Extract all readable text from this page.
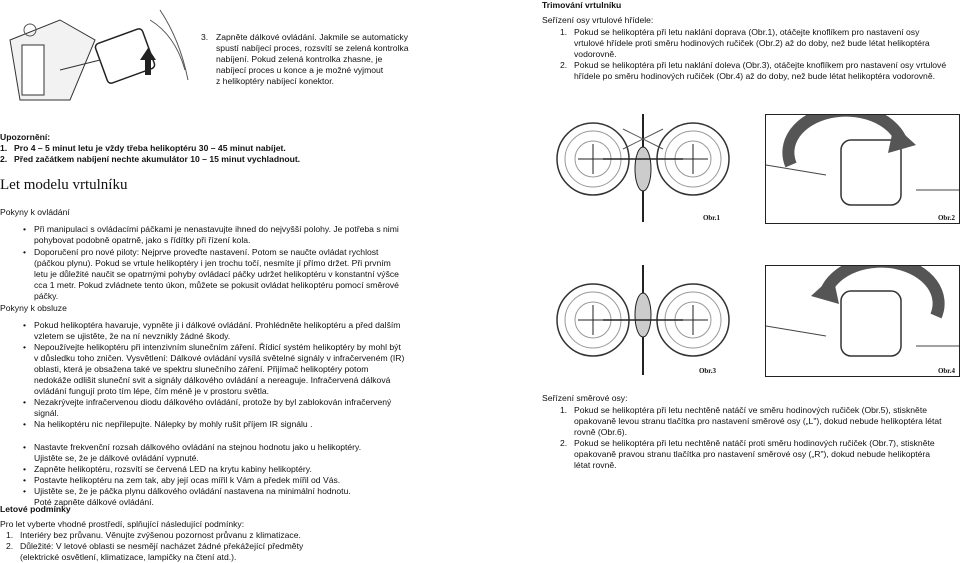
3. Zapněte dálkové ovládání. Jakmile se automaticky
spustí nabíjecí proces, rozsvítí se zelená kontrolka
nabíjení. Pokud zelená kontrolka zhasne, je
nabíjecí proces u konce a je možné vyjmout
z helikoptéry nabíjecí konektor.
Trimování vrtulníku
Seřízení osy vrtulové hřídele:
1. Pokud se helikoptéra při letu naklání doprava (Obr.1), otáčejte knoflíkem pro nastavení osy
vrtulové hřídele proti směru hodinových ručiček (Obr.2) až do doby, než bude létat helikoptéra
vodorovně.
2. Pokud se helikoptéra při letu naklání doleva (Obr.3), otáčejte knoflíkem pro nastavení osy vrtulové
hřídele po směru hodinových ručiček (Obr.4) až do doby, než bude létat helikoptéra vodorovně.
Upozornění:
1. Pro 4 – 5 minut letu je vždy třeba helikoptéru 30 – 45 minut nabíjet.
2. Před začátkem nabíjení nechte akumulátor 10 – 15 minut vychladnout.
Let modelu vrtulníku
Pokyny k ovládání
• Při manipulaci s ovládacími páčkami je nenastavujte ihned do nejvyšší polohy. Je potřeba s nimi
pohybovat podobně opatrně, jako s řídítky při řízení kola.
• Doporučení pro nové piloty: Nejprve proveďte nastavení. Potom se naučte ovládat rychlost
(páčkou plynu). Pokud se vrtule helikoptéry i jen trochu točí, nesmíte jí přímo držet. Při prvním
letu je důležité naučit se opatrnými pohyby ovládací páčky udržet helikoptéru v konstantní výšce
cca 1 metr. Pokud zvládnete tento úkon, můžete se pokusit ovládat helikoptéru pomocí směrové
páčky.
Pokyny k obsluze
• Pokud helikoptéra havaruje, vypněte ji i dálkové ovládání. Prohlédněte helikoptéru a před dalším
vzletem se ujistěte, že na ní nevznikly žádné škody.
• Nepoužívejte helikoptéru při intenzivním slunečním záření. Řídicí systém helikoptéry by mohl být
v důsledku toho zničen. Vysvětlení: Dálkové ovládání vysílá světelné signály v infračerveném (IR)
oblasti, která je obsažena také ve spektru slunečního záření. Přijímač helikoptéry potom
nedokáže odlišit sluneční svit a signály dálkového ovládání a nereaguje. Infračervená dálková
ovládání fungují proto tím lépe, čím méně je v prostoru světla.
• Nezakrývejte infračervenou diodu dálkového ovládání, protože by byl zablokován infračervený
signál.
• Na helikoptéru nic nepřilepujte. Nálepky by mohly rušit příjem IR signálu .
• Nastavte frekvenční rozsah dálkového ovládání na stejnou hodnotu jako u helikoptéry.
Ujistěte se, že je dálkové ovládání vypnuté.
• Zapněte helikoptéru, rozsvítí se červená LED na krytu kabiny helikoptéry.
• Postavte helikoptéru na zem tak, aby její ocas mířil k Vám a předek mířil od Vás.
• Ujistěte se, že je páčka plynu dálkového ovládání nastavena na minimální hodnotu.
Poté zapněte dálkové ovládání.
Letové podmínky
Pro let vyberte vhodné prostředí, splňující následující podmínky:
1. Interiéry bez průvanu. Věnujte zvýšenou pozornost průvanu z klimatizace.
2. Důležité: V letové oblasti se nesmějí nacházet žádné překážející předměty
(elektrické osvětlení, klimatizace, lampičky na čtení atd.).
Obr.1	Obr.2
Obr.3	Obr.4
Seřízení směrové osy:
1. Pokud se helikoptéra při letu nechtěně natáčí ve směru hodinových ručiček (Obr.5), stiskněte
opakovaně levou stranu tlačítka pro nastavení směrové osy („L"), dokud nebude helikoptéra létat
rovně (Obr.6).
2. Pokud se helikoptéra při letu nechtěně natáčí proti směru hodinových ručiček (Obr.7), stiskněte
opakovaně pravou stranu tlačítka pro nastavení směrové osy („R"), dokud nebude helikoptéra
létat rovně.
